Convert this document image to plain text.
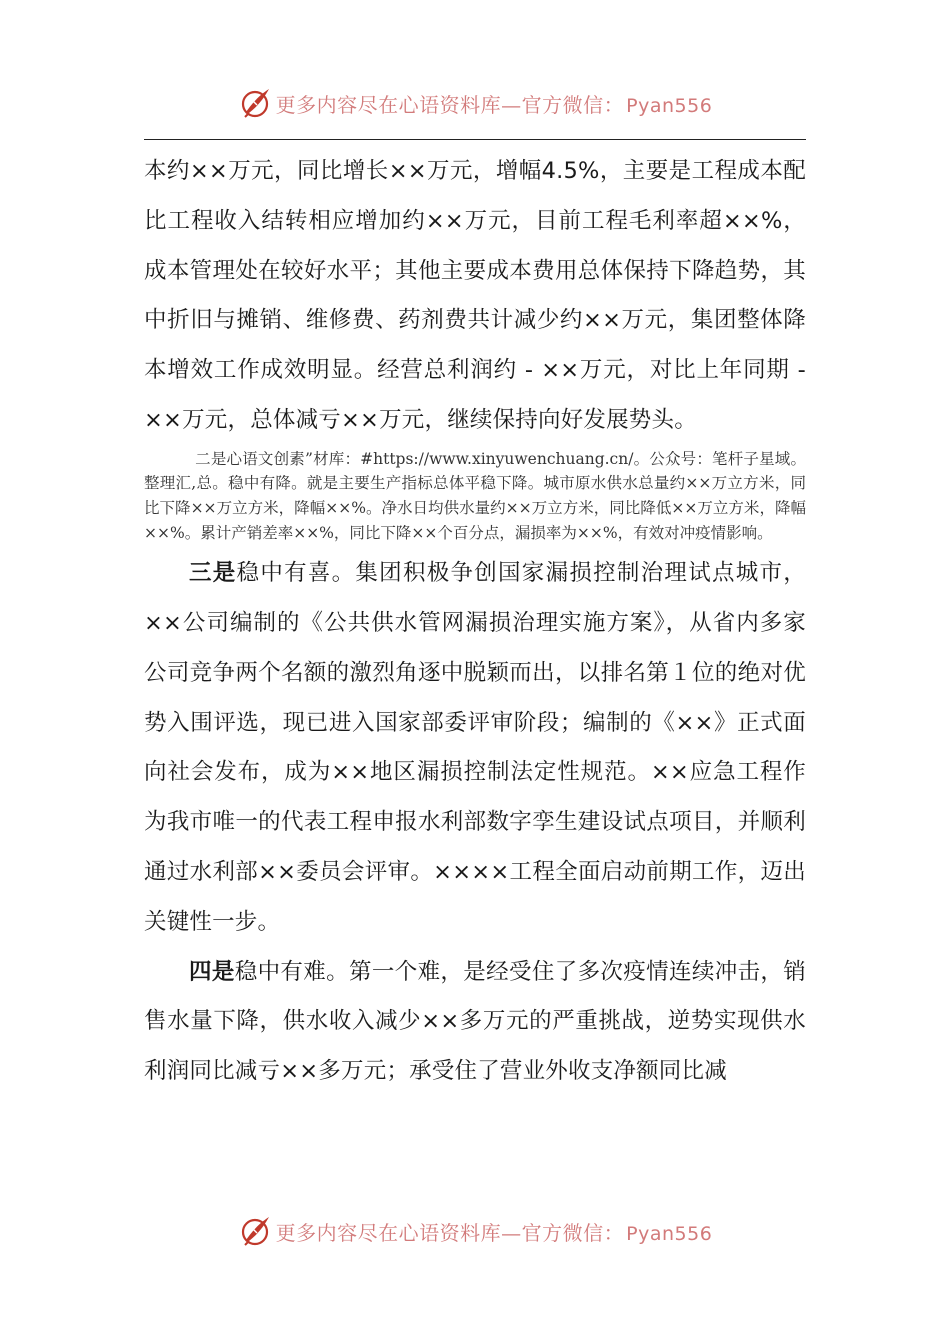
更多内容尽在心语资料库—官方微信： Pyan556

本约××万元，同比增长××万元，增幅4.5%，主要是工程成本配比工程收入结转相应增加约××万元，目前工程毛利率超××%，成本管理处在较好水平；其他主要成本费用总体保持下降趋势，其中折旧与摊销、维修费、药剂费共计减少约××万元，集团整体降本增效工作成效明显。经营总利润约 - ××万元，对比上年同期 - ××万元，总体减亏××万元，继续保持向好发展势头。

二是心语文创素”材库：#https://www.xinyuwenchuang.cn/。公众号：笔杆子星域。整理汇,总。稳中有降。就是主要生产指标总体平稳下降。城市原水供水总量约××万立方米，同比下降××万立方米，降幅××%。净水日均供水量约××万立方米，同比降低××万立方米，降幅××%。累计产销差率××%，同比下降××个百分点，漏损率为××%，有效对冲疫情影响。

三是稳中有喜。集团积极争创国家漏损控制治理试点城市，××公司编制的《公共供水管网漏损治理实施方案》，从省内多家公司竞争两个名额的激烈角逐中脱颖而出，以排名第１位的绝对优势入围评选，现已进入国家部委评审阶段；编制的《××》正式面向社会发布，成为××地区漏损控制法定性规范。××应急工程作为我市唯一的代表工程申报水利部数字孪生建设试点项目，并顺利通过水利部××委员会评审。××××工程全面启动前期工作，迈出关键性一步。

四是稳中有难。第一个难，是经受住了多次疫情连续冲击，销售水量下降，供水收入减少××多万元的严重挑战，逆势实现供水利润同比减亏××多万元；承受住了营业外收支净额同比减

更多内容尽在心语资料库—官方微信： Pyan556
